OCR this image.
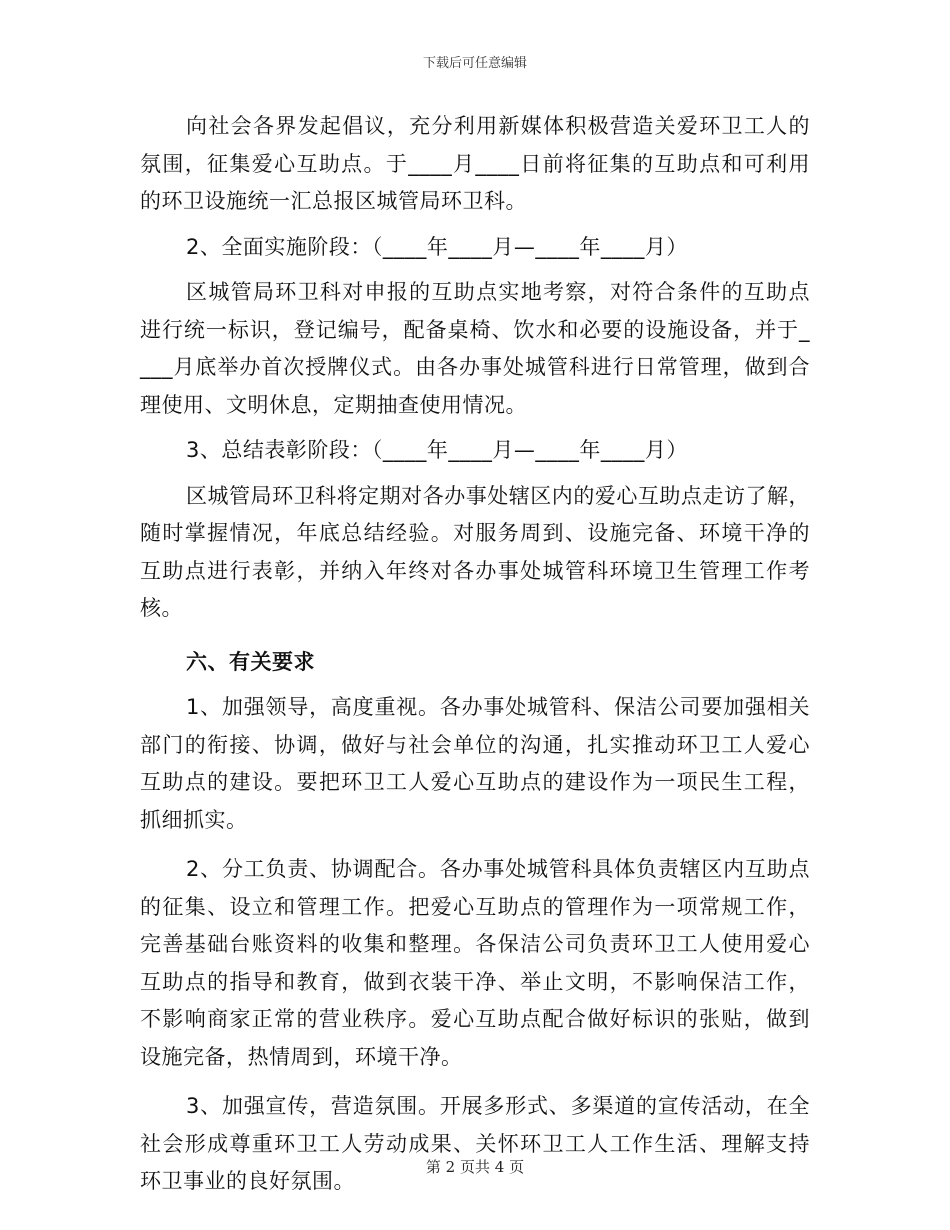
下载后可任意编辑
向社会各界发起倡议，充分利用新媒体积极营造关爱环卫工人的
氛围，征集爱心互助点。于____月____日前将征集的互助点和可利用
的环卫设施统一汇总报区城管局环卫科。
2、全面实施阶段：（____年____月—____年____月）
区城管局环卫科对申报的互助点实地考察，对符合条件的互助点
进行统一标识，登记编号，配备桌椅、饮水和必要的设施设备，并于_
___月底举办首次授牌仪式。由各办事处城管科进行日常管理，做到合
理使用、文明休息，定期抽查使用情况。
3、总结表彰阶段：（____年____月—____年____月）
区城管局环卫科将定期对各办事处辖区内的爱心互助点走访了解，
随时掌握情况，年底总结经验。对服务周到、设施完备、环境干净的
互助点进行表彰，并纳入年终对各办事处城管科环境卫生管理工作考
核。
六、有关要求
1、加强领导，高度重视。各办事处城管科、保洁公司要加强相关
部门的衔接、协调，做好与社会单位的沟通，扎实推动环卫工人爱心
互助点的建设。要把环卫工人爱心互助点的建设作为一项民生工程，
抓细抓实。
2、分工负责、协调配合。各办事处城管科具体负责辖区内互助点
的征集、设立和管理工作。把爱心互助点的管理作为一项常规工作，
完善基础台账资料的收集和整理。各保洁公司负责环卫工人使用爱心
互助点的指导和教育，做到衣装干净、举止文明，不影响保洁工作，
不影响商家正常的营业秩序。爱心互助点配合做好标识的张贴，做到
设施完备，热情周到，环境干净。
3、加强宣传，营造氛围。开展多形式、多渠道的宣传活动，在全
社会形成尊重环卫工人劳动成果、关怀环卫工人工作生活、理解支持
环卫事业的良好氛围。
第 2 页共 4 页
